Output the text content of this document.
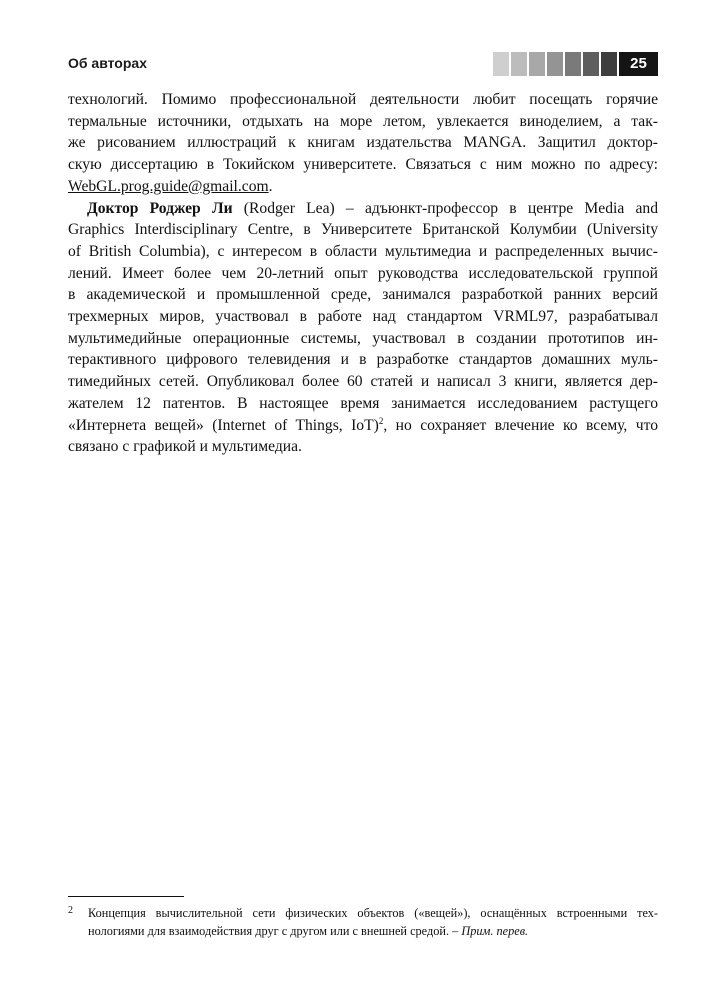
Об авторах	25
технологий. Помимо профессиональной деятельности любит посещать горячие
термальные источники, отдыхать на море летом, увлекается виноделием, а так-
же рисованием иллюстраций к книгам издательства MANGA. Защитил доктор-
скую диссертацию в Токийском университете. Связаться с ним можно по адресу:
WebGL.prog.guide@gmail.com.
Доктор Роджер Ли (Rodger Lea) – адъюнкт-профессор в центре Media and
Graphics Interdisciplinary Centre, в Университете Британской Колумбии (University
of British Columbia), с интересом в области мультимедиа и распределенных вычис-
лений. Имеет более чем 20-летний опыт руководства исследовательской группой
в академической и промышленной среде, занимался разработкой ранних версий
трехмерных миров, участвовал в работе над стандартом VRML97, разрабатывал
мультимедийные операционные системы, участвовал в создании прототипов ин-
терактивного цифрового телевидения и в разработке стандартов домашних муль-
тимедийных сетей. Опубликовал более 60 статей и написал 3 книги, является дер-
жателем 12 патентов. В настоящее время занимается исследованием растущего
«Интернета вещей» (Internet of Things, IoT)$^2$, но сохраняет влечение ко всему, что
связано с графикой и мультимедиа.
2 Концепция вычислительной сети физических объектов («вещей»), оснащённых встроенными тех-
нологиями для взаимодействия друг с другом или с внешней средой. – Прим. перев.
